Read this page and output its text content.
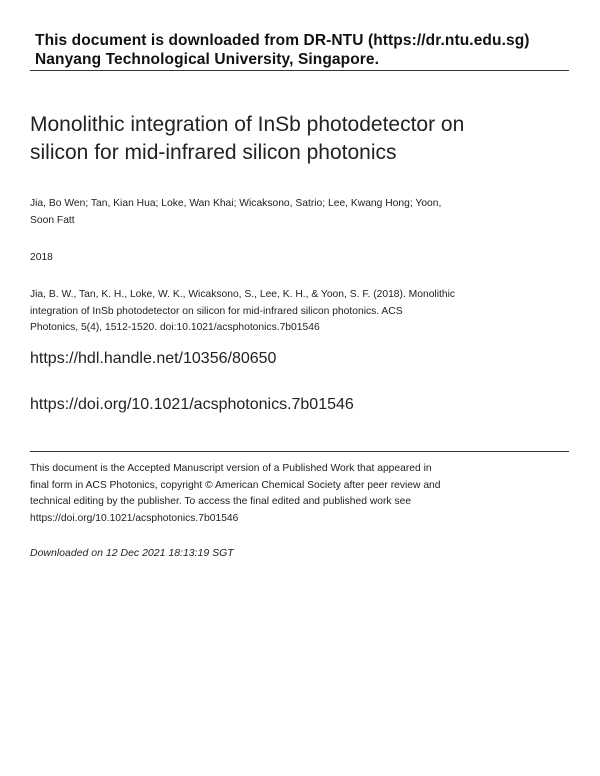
This document is downloaded from DR-NTU (https://dr.ntu.edu.sg)
Nanyang Technological University, Singapore.
Monolithic integration of InSb photodetector on
silicon for mid-infrared silicon photonics
Jia, Bo Wen; Tan, Kian Hua; Loke, Wan Khai; Wicaksono, Satrio; Lee, Kwang Hong; Yoon,
Soon Fatt
2018
Jia, B. W., Tan, K. H., Loke, W. K., Wicaksono, S., Lee, K. H., & Yoon, S. F. (2018). Monolithic
integration of InSb photodetector on silicon for mid-infrared silicon photonics. ACS
Photonics, 5(4), 1512-1520. doi:10.1021/acsphotonics.7b01546
https://hdl.handle.net/10356/80650
https://doi.org/10.1021/acsphotonics.7b01546
This document is the Accepted Manuscript version of a Published Work that appeared in
final form in ACS Photonics, copyright © American Chemical Society after peer review and
technical editing by the publisher. To access the final edited and published work see
https://doi.org/10.1021/acsphotonics.7b01546
Downloaded on 12 Dec 2021 18:13:19 SGT
